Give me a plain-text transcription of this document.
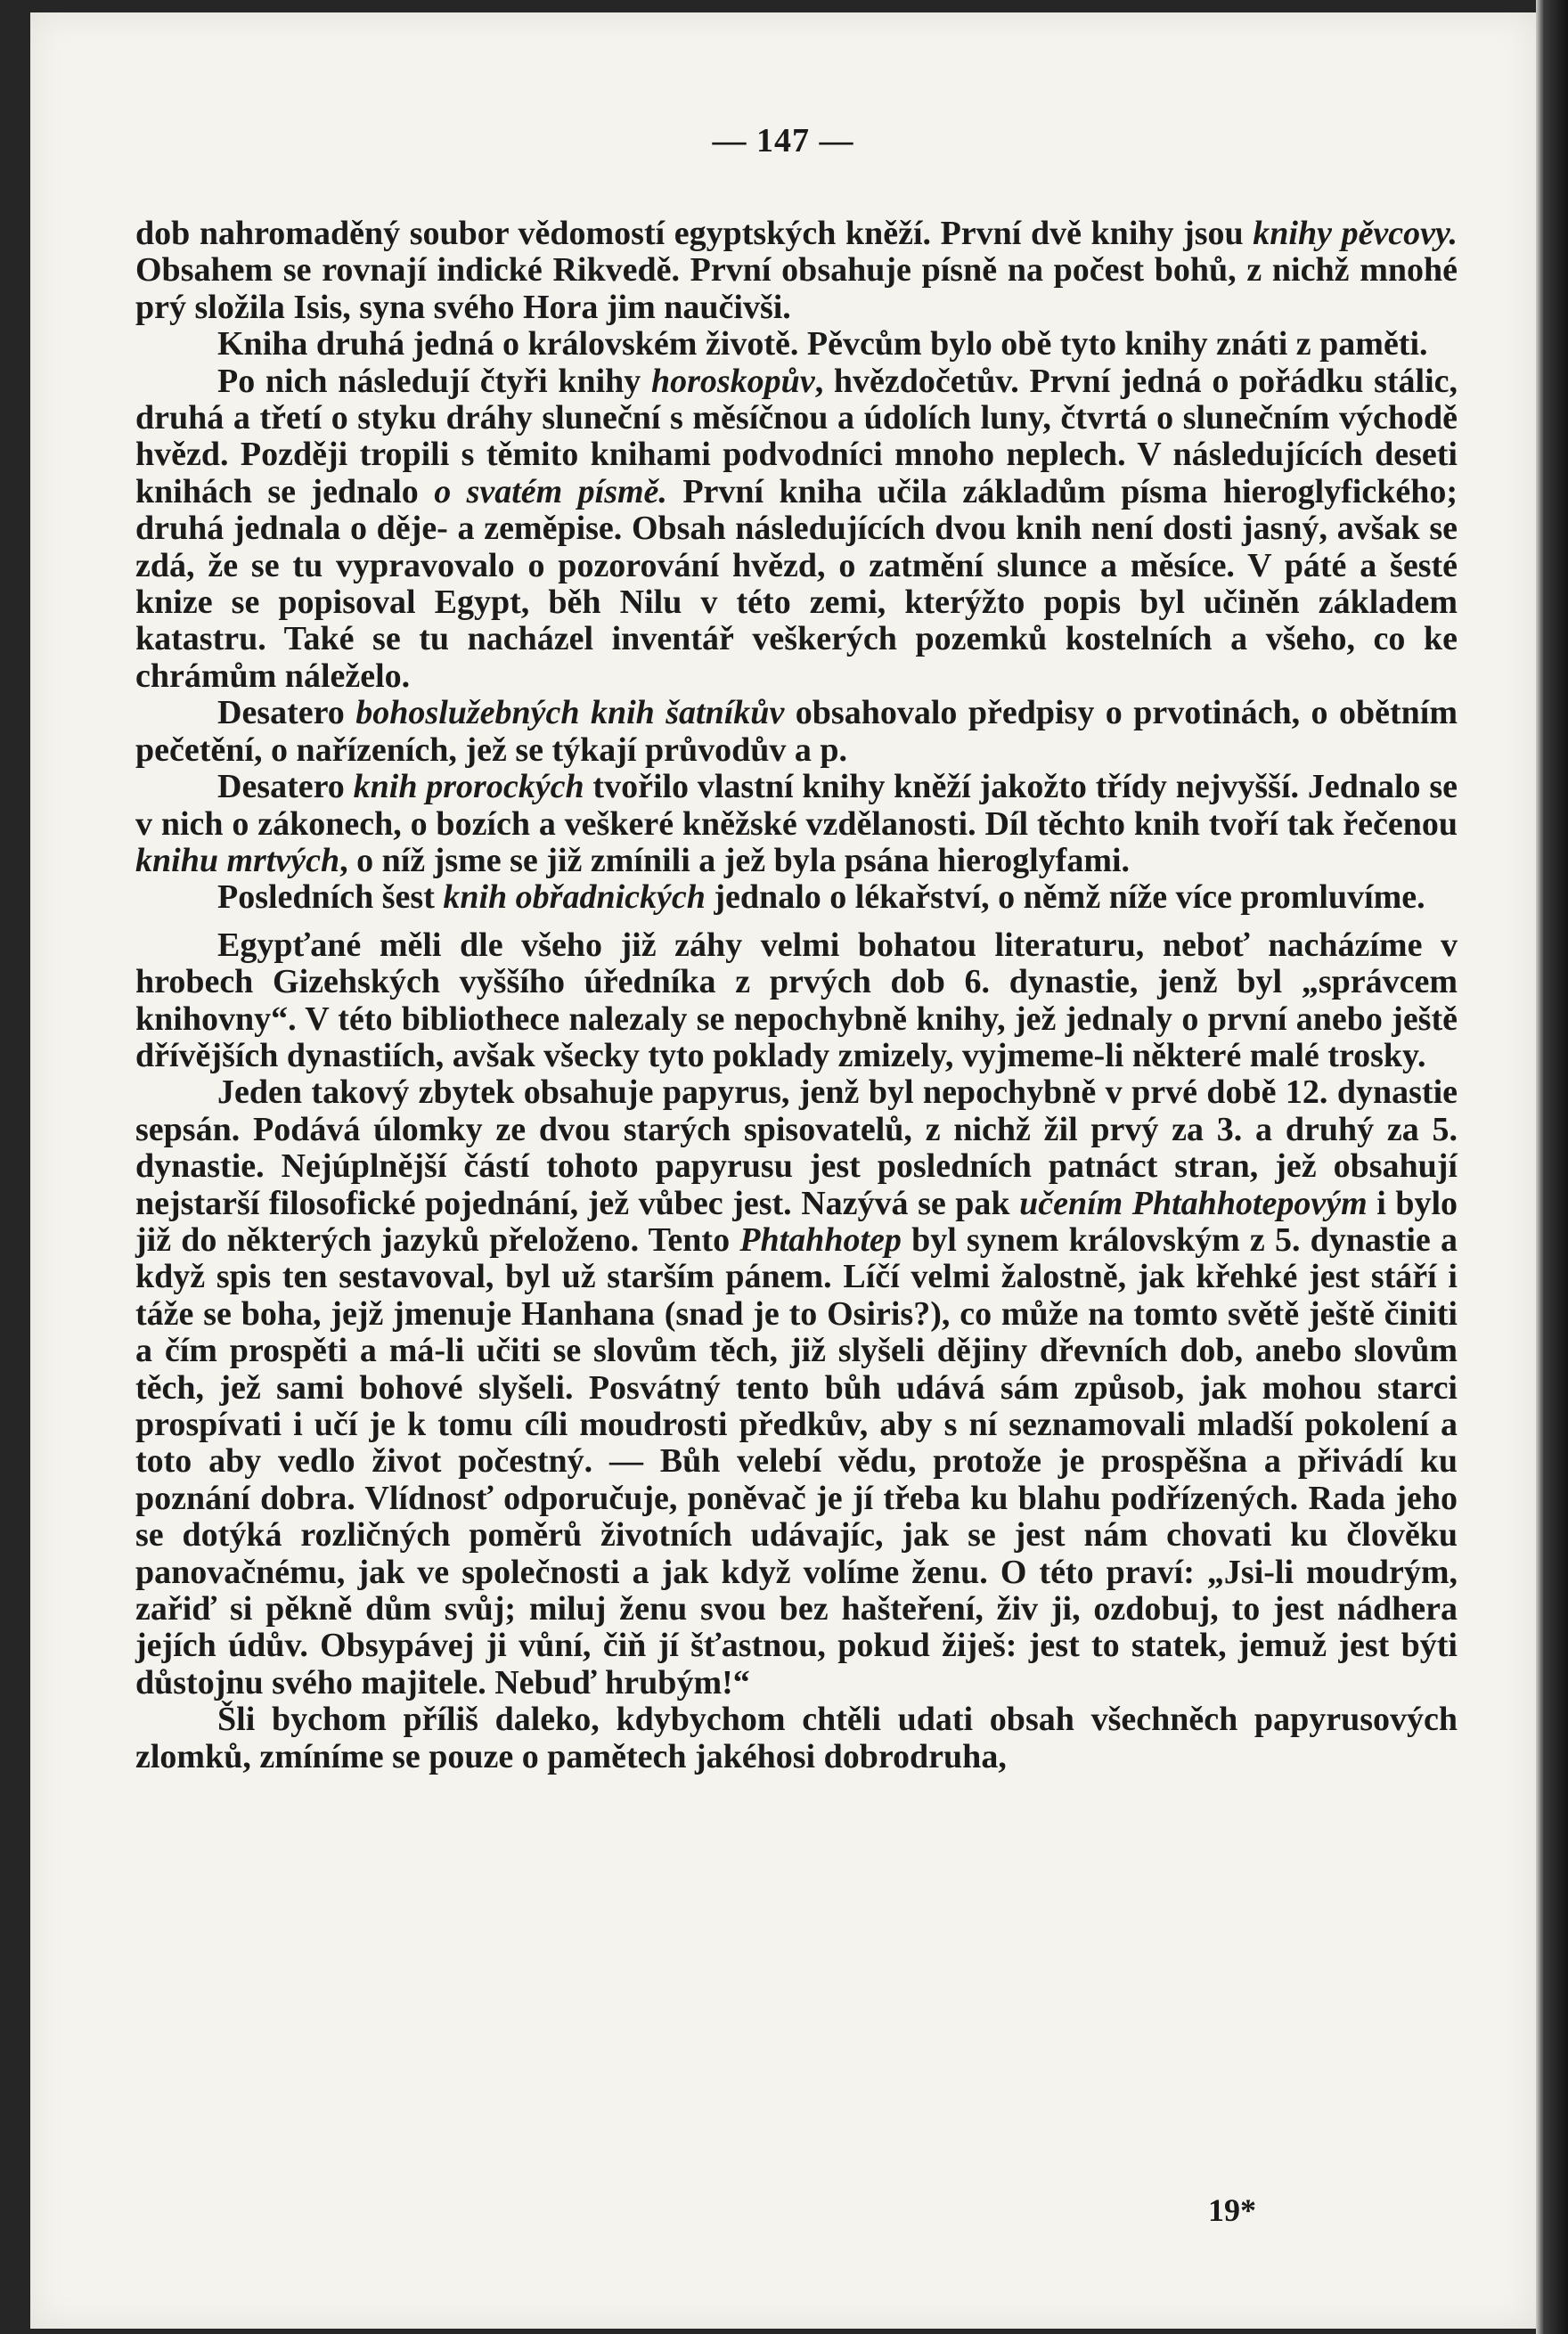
— 147 —

dob nahromaděný soubor vědomostí egyptských kněží. První dvě knihy jsou knihy pěvcovy. Obsahem se rovnají indické Rikvedě. První obsahuje písně na počest bohů, z nichž mnohé prý složila Isis, syna svého Hora jim naučivši.

Kniha druhá jedná o královském životě. Pěvcům bylo obě tyto knihy znáti z paměti.

Po nich následují čtyři knihy horoskopův, hvězdočetův. První jedná o pořádku stálic, druhá a třetí o styku dráhy sluneční s měsíčnou a údolích luny, čtvrtá o slunečním východě hvězd. Později tropili s těmito knihami podvodníci mnoho neplech. V následujících deseti knihách se jednalo o svatém písmě. První kniha učila základům písma hieroglyfického; druhá jednala o děje- a zeměpise. Obsah následujících dvou knih není dosti jasný, avšak se zdá, že se tu vypravovalo o pozorování hvězd, o zatmění slunce a měsíce. V páté a šesté knize se popisoval Egypt, běh Nilu v této zemi, kterýžto popis byl učiněn základem katastru. Také se tu nacházel inventář veškerých pozemků kostelních a všeho, co ke chrámům náleželo.

Desatero bohoslužebných knih šatníkův obsahovalo předpisy o prvotinách, o obětním pečetění, o nařízeních, jež se týkají průvodův a p.

Desatero knih prorockých tvořilo vlastní knihy kněží jakožto třídy nejvyšší. Jednalo se v nich o zákonech, o bozích a veškeré kněžské vzdělanosti. Díl těchto knih tvoří tak řečenou knihu mrtvých, o níž jsme se již zmínili a jež byla psána hieroglyfami.

Posledních šest knih obřadnických jednalo o lékařství, o němž níže více promluvíme.

Egypťané měli dle všeho již záhy velmi bohatou literaturu, neboť nacházíme v hrobech Gizehských vyššího úředníka z prvých dob 6. dynastie, jenž byl „správcem knihovny“. V této bibliothece nalezaly se nepochybně knihy, jež jednaly o první anebo ještě dřívějších dynastiích, avšak všecky tyto poklady zmizely, vyjmeme-li některé malé trosky.

Jeden takový zbytek obsahuje papyrus, jenž byl nepochybně v prvé době 12. dynastie sepsán. Podává úlomky ze dvou starých spisovatelů, z nichž žil prvý za 3. a druhý za 5. dynastie. Nejúplnější částí tohoto papyrusu jest posledních patnáct stran, jež obsahují nejstarší filosofické pojednání, jež vůbec jest. Nazývá se pak učením Phtahhotepovým i bylo již do některých jazyků přeloženo. Tento Phtahhotep byl synem královským z 5. dynastie a když spis ten sestavoval, byl už starším pánem. Líčí velmi žalostně, jak křehké jest stáří i táže se boha, jejž jmenuje Hanhana (snad je to Osiris?), co může na tomto světě ještě činiti a čím prospěti a má-li učiti se slovům těch, již slyšeli dějiny dřevních dob, anebo slovům těch, jež sami bohové slyšeli. Posvátný tento bůh udává sám způsob, jak mohou starci prospívati i učí je k tomu cíli moudrosti předkův, aby s ní seznamovali mladší pokolení a toto aby vedlo život počestný. — Bůh velebí vědu, protože je prospěšna a přivádí ku poznání dobra. Vlídnosť odporučuje, poněvač je jí třeba ku blahu podřízených. Rada jeho se dotýká rozličných poměrů životních udávajíc, jak se jest nám chovati ku člověku panovačnému, jak ve společnosti a jak když volíme ženu. O této praví: „Jsi-li moudrým, zařiď si pěkně dům svůj; miluj ženu svou bez hašteření, živ ji, ozdobuj, to jest nádhera jejích údův. Obsypávej ji vůní, čiň jí šťastnou, pokud žiješ: jest to statek, jemuž jest býti důstojnu svého majitele. Nebuď hrubým!“

Šli bychom příliš daleko, kdybychom chtěli udati obsah všechněch papyrusových zlomků, zmíníme se pouze o pamětech jakéhosi dobrodruha,

19*
